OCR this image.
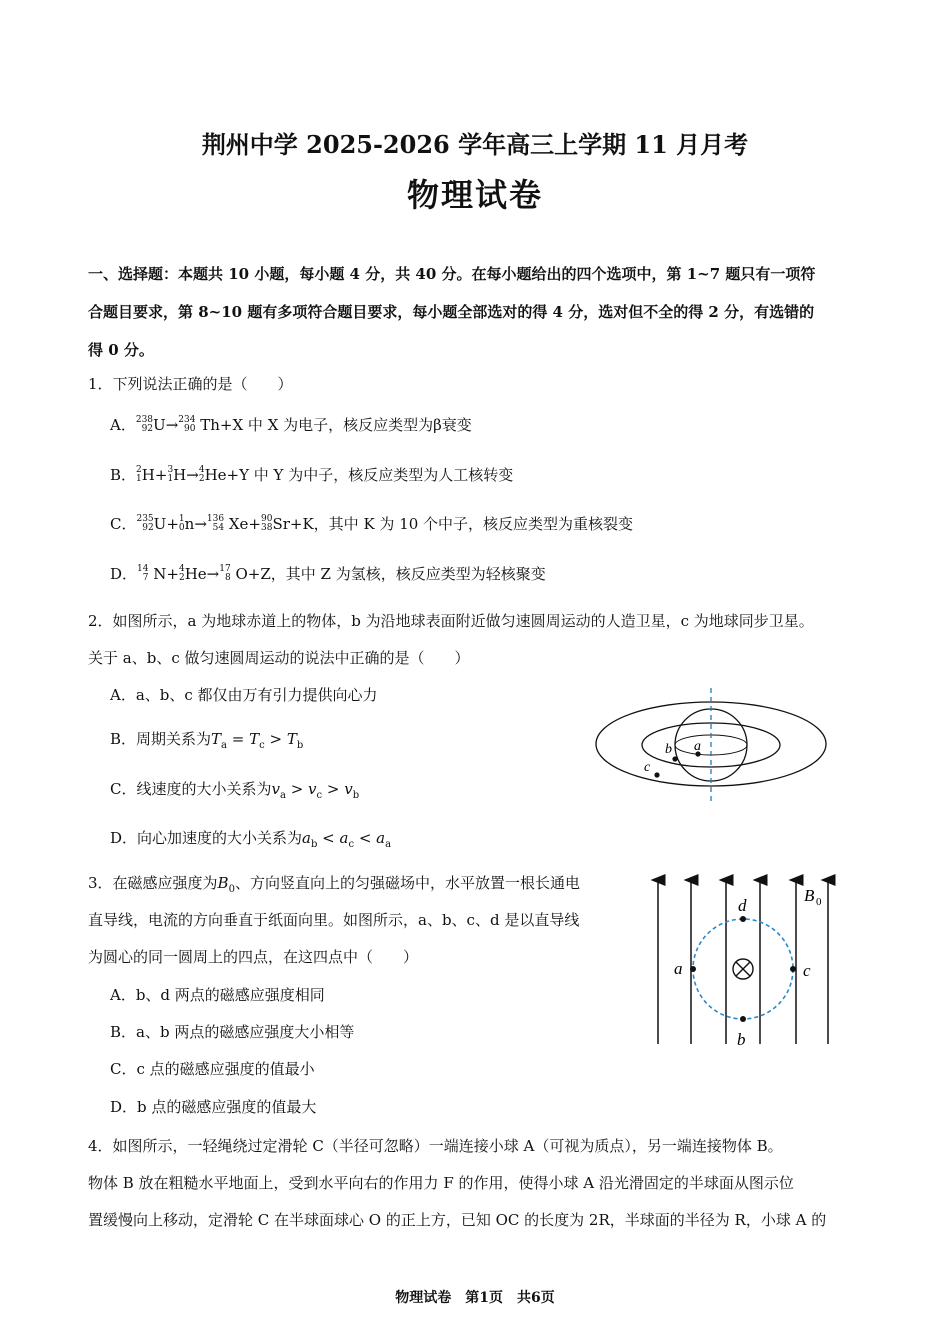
荆州中学 2025-2026 学年高三上学期 11 月月考
物理试卷
一、选择题：本题共 10 小题，每小题 4 分，共 40 分。在每小题给出的四个选项中，第 1~7 题只有一项符
合题目要求，第 8~10 题有多项符合题目要求，每小题全部选对的得 4 分，选对但不全的得 2 分，有选错的
得 0 分。
1．下列说法正确的是（　　）
A． 238
92 U → 234
90
Th +X 中 X 为电子，核反应类型为β衰变
B． 2
1 H + 3
1 H → 4
2 He +Y 中 Y 为中子，核反应类型为人工核转变
C． 235
92 U + 1
0 n → 136
54
Xe + 90
38 Sr +K，其中 K 为 10 个中子，核反应类型为重核裂变
D． 14
7
N + 4
2 He → 17
8
O +Z，其中 Z 为氢核，核反应类型为轻核聚变
2．如图所示，a 为地球赤道上的物体，b 为沿地球表面附近做匀速圆周运动的人造卫星，c 为地球同步卫星。
关于 a、b、c 做匀速圆周运动的说法中正确的是（　　）
A．a、b、c 都仅由万有引力提供向心力
B．周期关系为$T_a = T_c > T_b$
C．线速度的大小关系为$v_a > v_c > v_b$
D．向心加速度的大小关系为$a_b < a_c < a_a$
a
b
c
3．在磁感应强度为$B_0$、方向竖直向上的匀强磁场中，水平放置一根长通电
直导线，电流的方向垂直于纸面向里。如图所示，a、b、c、d 是以直导线
为圆心的同一圆周上的四点，在这四点中（　　）
A．b、d 两点的磁感应强度相同
B．a、b 两点的磁感应强度大小相等
C．c 点的磁感应强度的值最小
D．b 点的磁感应强度的值最大
a	c
d
b
B 0
4．如图所示，一轻绳绕过定滑轮 C（半径可忽略）一端连接小球 A（可视为质点），另一端连接物体 B。
物体 B 放在粗糙水平地面上，受到水平向右的作用力 F 的作用，使得小球 A 沿光滑固定的半球面从图示位
置缓慢向上移动，定滑轮 C 在半球面球心 O 的正上方，已知 OC 的长度为 2R，半球面的半径为 R，小球 A 的
物理试卷　第1页　共6页
